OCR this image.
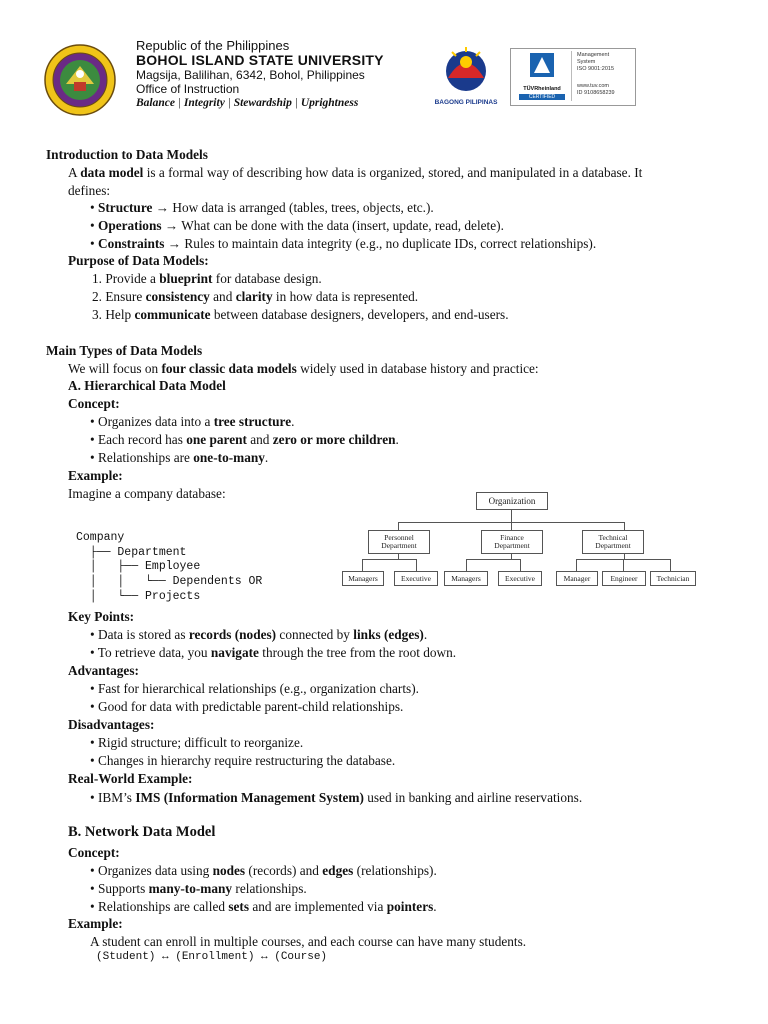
Republic of the Philippines
BOHOL ISLAND STATE UNIVERSITY
Magsija, Balilihan, 6342, Bohol, Philippines
Office of Instruction
Balance | Integrity | Stewardship | Uprightness	BAGONG PILIPINAS
TÜVRheinland
CERTIFIED
Management
System
ISO 9001:2015
www.tuv.com
ID 9108658239
Introduction to Data Models
A data model is a formal way of describing how data is organized, stored, and manipulated in a database. It
defines:
• Structure → How data is arranged (tables, trees, objects, etc.).
• Operations → What can be done with the data (insert, update, read, delete).
• Constraints → Rules to maintain data integrity (e.g., no duplicate IDs, correct relationships).
Purpose of Data Models:
1. Provide a blueprint for database design.
2. Ensure consistency and clarity in how data is represented.
3. Help communicate between database designers, developers, and end-users.
Main Types of Data Models
We will focus on four classic data models widely used in database history and practice:
A. Hierarchical Data Model
Concept:
• Organizes data into a tree structure.
• Each record has one parent and zero or more children.
• Relationships are one-to-many.
Example:
Imagine a company database:

Company
├── Department
│   ├── Employee
│   │   └── Dependents OR
│   └── Projects

Organization
Personnel Department
Finance Department
Technical Department
Managers	Executive	Managers	Executive	Manager	Engineer	Technician
Key Points:
• Data is stored as records (nodes) connected by links (edges).
• To retrieve data, you navigate through the tree from the root down.
Advantages:
• Fast for hierarchical relationships (e.g., organization charts).
• Good for data with predictable parent-child relationships.
Disadvantages:
• Rigid structure; difficult to reorganize.
• Changes in hierarchy require restructuring the database.
Real-World Example:
• IBM’s IMS (Information Management System) used in banking and airline reservations.
B. Network Data Model
Concept:
• Organizes data using nodes (records) and edges (relationships).
• Supports many-to-many relationships.
• Relationships are called sets and are implemented via pointers.
Example:
A student can enroll in multiple courses, and each course can have many students.
(Student) ↔ (Enrollment) ↔ (Course)
